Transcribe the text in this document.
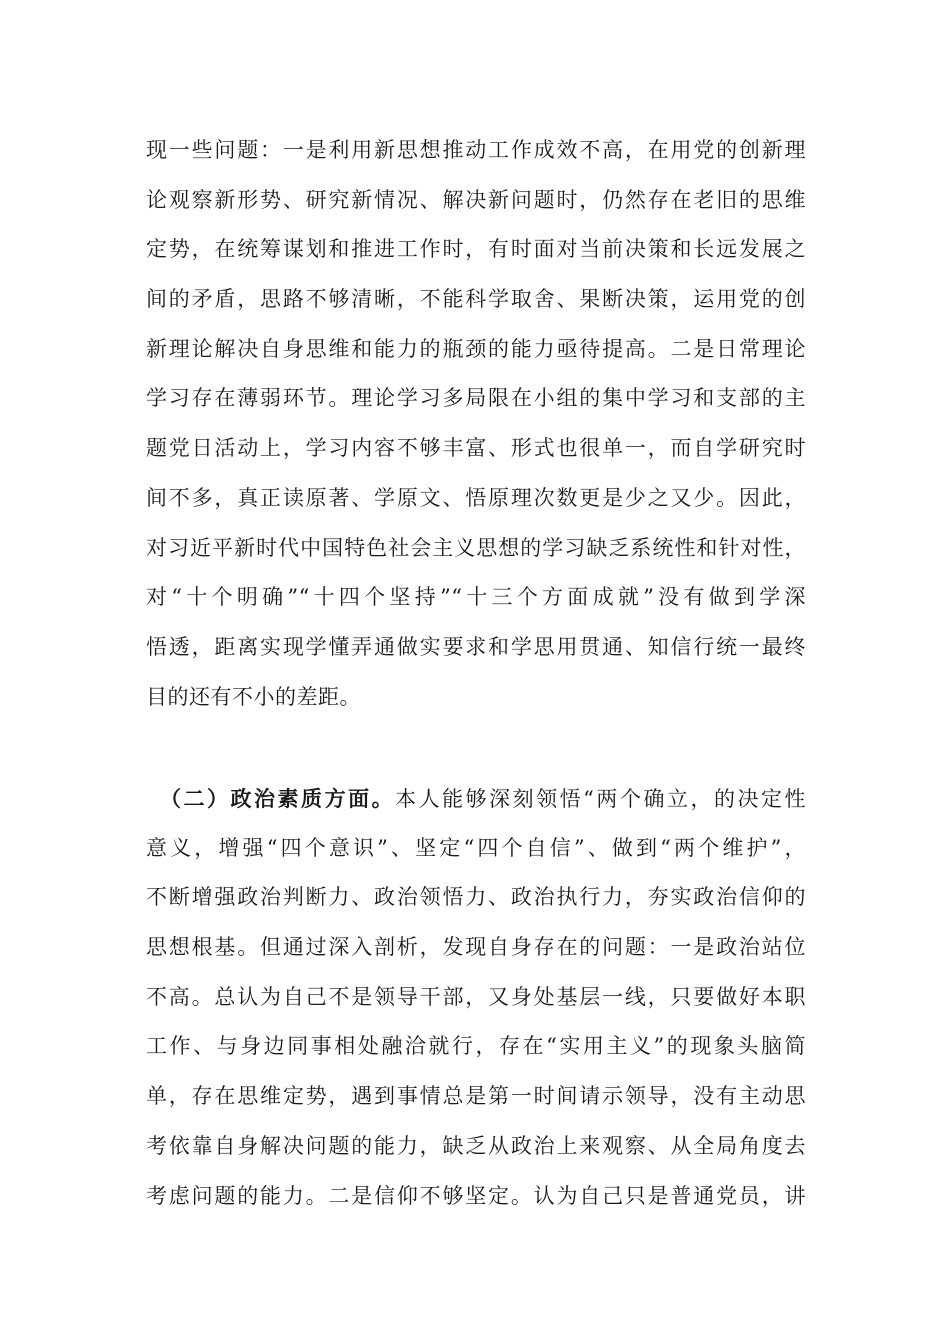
现一些问题：一是利用新思想推动工作成效不高，在用党的创新理
论观察新形势、研究新情况、解决新问题时，仍然存在老旧的思维
定势，在统筹谋划和推进工作时，有时面对当前决策和长远发展之
间的矛盾，思路不够清晰，不能科学取舍、果断决策，运用党的创
新理论解决自身思维和能力的瓶颈的能力亟待提高。二是日常理论
学习存在薄弱环节。理论学习多局限在小组的集中学习和支部的主
题党日活动上，学习内容不够丰富、形式也很单一，而自学研究时
间不多，真正读原著、学原文、悟原理次数更是少之又少。因此，
对习近平新时代中国特色社会主义思想的学习缺乏系统性和针对性，
对“十个明确”“十四个坚持”“十三个方面成就”没有做到学深
悟透，距离实现学懂弄通做实要求和学思用贯通、知信行统一最终
目的还有不小的差距。
（二）政治素质方面。本人能够深刻领悟“两个确立，的决定性
意义，增强“四个意识”、坚定“四个自信”、做到“两个维护”，
不断增强政治判断力、政治领悟力、政治执行力，夯实政治信仰的
思想根基。但通过深入剖析，发现自身存在的问题：一是政治站位
不高。总认为自己不是领导干部，又身处基层一线，只要做好本职
工作、与身边同事相处融洽就行，存在“实用主义”的现象头脑简
单，存在思维定势，遇到事情总是第一时间请示领导，没有主动思
考依靠自身解决问题的能力，缺乏从政治上来观察、从全局角度去
考虑问题的能力。二是信仰不够坚定。认为自己只是普通党员，讲
